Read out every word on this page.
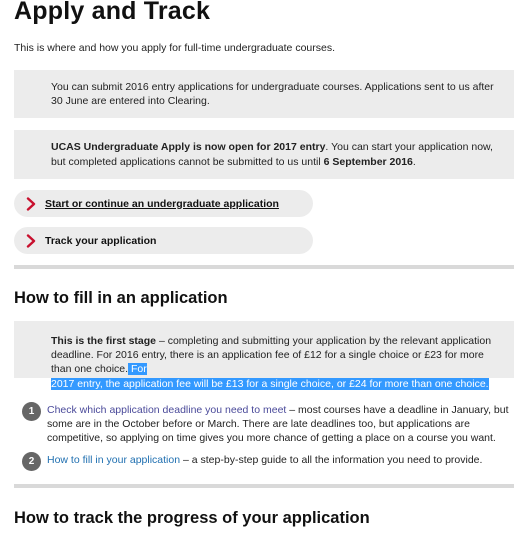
Apply and Track

This is where and how you apply for full-time undergraduate courses.

You can submit 2016 entry applications for undergraduate courses. Applications sent to us after 30 June are entered into Clearing.

UCAS Undergraduate Apply is now open for 2017 entry. You can start your application now, but completed applications cannot be submitted to us until 6 September 2016.

Start or continue an undergraduate application
Track your application
How to fill in an application

This is the first stage – completing and submitting your application by the relevant application deadline. For 2016 entry, there is an application fee of £12 for a single choice or £23 for more than one choice. For
2017 entry, the application fee will be £13 for a single choice, or £24 for more than one choice.

1	Check which application deadline you need to meet – most courses have a deadline in January, but some are in the October before or March. There are late deadlines too, but applications are competitive, so applying on time gives you more chance of getting a place on a course you want.

2	How to fill in your application – a step-by-step guide to all the information you need to provide.

How to track the progress of your application
